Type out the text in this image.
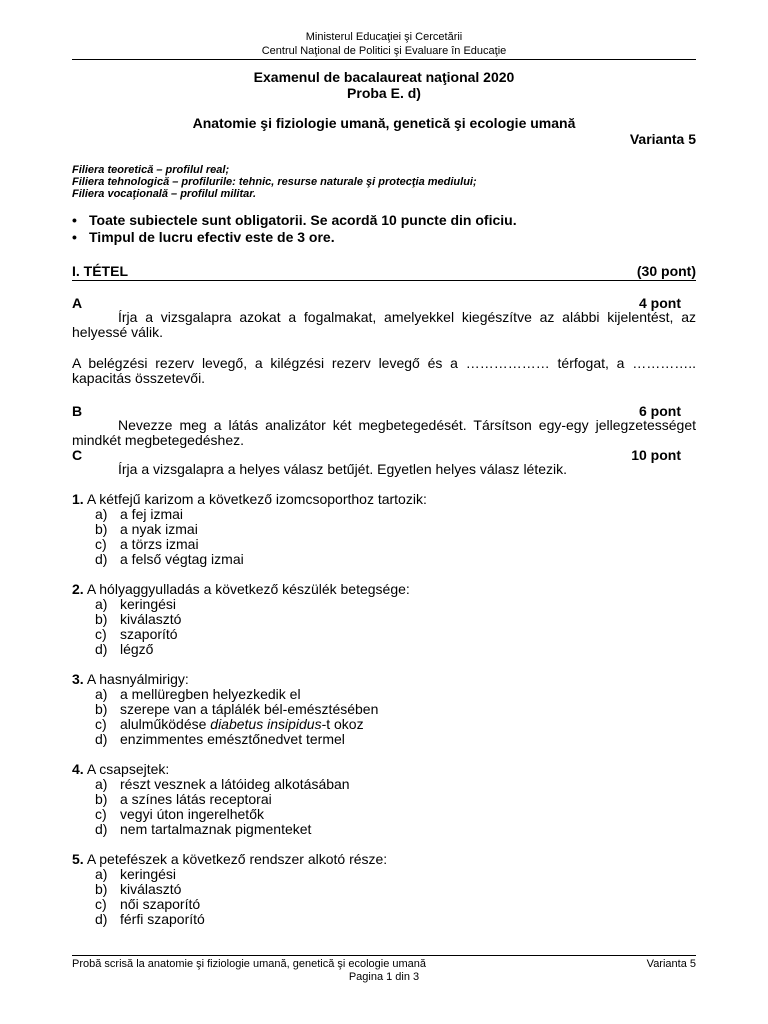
Ministerul Educaţiei şi Cercetării
Centrul Naţional de Politici şi Evaluare în Educaţie
Examenul de bacalaureat naţional 2020
Proba E. d)
Anatomie şi fiziologie umană, genetică şi ecologie umană
Varianta 5
Filiera teoretică – profilul real;
Filiera tehnologică – profilurile: tehnic, resurse naturale şi protecţia mediului;
Filiera vocaţională – profilul militar.
• Toate subiectele sunt obligatorii. Se acordă 10 puncte din oficiu.
• Timpul de lucru efectiv este de 3 ore.
I. TÉTEL	(30 pont)
A	4 pont
Írja a vizsgalapra azokat a fogalmakat, amelyekkel kiegészítve az alábbi kijelentést, az helyessé válik.
A belégzési rezerv levegő, a kilégzési rezerv levegő és a ……………… térfogat, a ………….. kapacitás összetevői.
B	6 pont
Nevezze meg a látás analizátor két megbetegedését. Társítson egy-egy jellegzetességet mindkét megbetegedéshez.
C	10 pont
Írja a vizsgalapra a helyes válasz betűjét. Egyetlen helyes válasz létezik.
1. A kétfejű karizom a következő izomcsoporthoz tartozik:
a) a fej izmai
b) a nyak izmai
c) a törzs izmai
d) a felső végtag izmai
2. A hólyaggyulladás a következő készülék betegsége:
a) keringési
b) kiválasztó
c) szaporító
d) légző
3. A hasnyálmirigy:
a) a mellüregben helyezkedik el
b) szerepe van a táplálék bél-emésztésében
c) alulműködése diabetus insipidus-t okoz
d) enzimmentes emésztőnedvet termel
4. A csapsejtek:
a) részt vesznek a látóideg alkotásában
b) a színes látás receptorai
c) vegyi úton ingerelhetők
d) nem tartalmaznak pigmenteket
5. A petefészek a következő rendszer alkotó része:
a) keringési
b) kiválasztó
c) női szaporító
d) férfi szaporító
Probă scrisă la anatomie şi fiziologie umană, genetică şi ecologie umană	Varianta 5
Pagina 1 din 3
